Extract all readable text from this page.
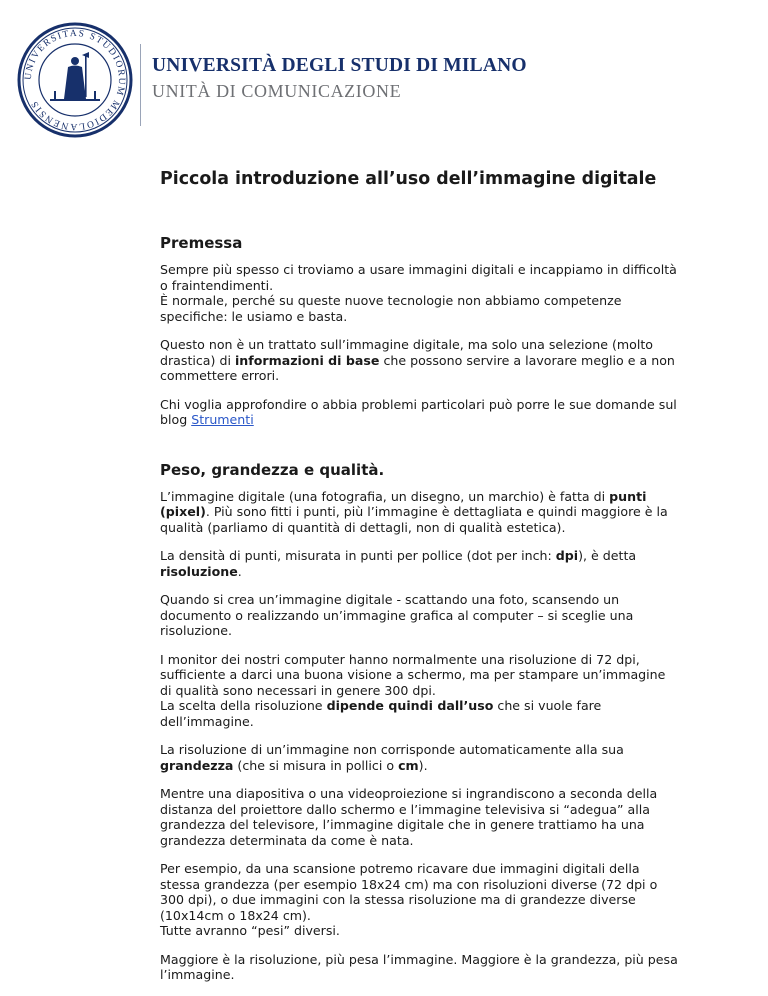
UNIVERSITAS STUDIORUM MEDIOLANENSIS
UNIVERSITÀ DEGLI STUDI DI MILANO
UNITÀ DI COMUNICAZIONE
Piccola introduzione all’uso dell’immagine digitale
Premessa

Sempre più spesso ci troviamo a usare immagini digitali e incappiamo in difficoltà o fraintendimenti.
È normale, perché su queste nuove tecnologie non abbiamo competenze specifiche: le usiamo e basta.

Questo non è un trattato sull’immagine digitale, ma solo una selezione (molto drastica) di informazioni di base che possono servire a lavorare meglio e a non commettere errori.

Chi voglia approfondire o abbia problemi particolari può porre le sue domande sul blog Strumenti

Peso, grandezza e qualità.

L’immagine digitale (una fotografia, un disegno, un marchio) è fatta di punti (pixel). Più sono fitti i punti, più l’immagine è dettagliata e quindi maggiore è la qualità (parliamo di quantità di dettagli, non di qualità estetica).

La densità di punti, misurata in punti per pollice (dot per inch: dpi), è detta risoluzione.

Quando si crea un’immagine digitale - scattando una foto, scansendo un documento o realizzando un’immagine grafica al computer – si sceglie una risoluzione.

I monitor dei nostri computer hanno normalmente una risoluzione di 72 dpi, sufficiente a darci una buona visione a schermo, ma per stampare un’immagine di qualità sono necessari in genere 300 dpi.
La scelta della risoluzione dipende quindi dall’uso che si vuole fare dell’immagine.

La risoluzione di un’immagine non corrisponde automaticamente alla sua grandezza (che si misura in pollici o cm).

Mentre una diapositiva o una videoproiezione si ingrandiscono a seconda della distanza del proiettore dallo schermo e l’immagine televisiva si “adegua” alla grandezza del televisore, l’immagine digitale che in genere trattiamo ha una grandezza determinata da come è nata.

Per esempio, da una scansione potremo ricavare due immagini digitali della stessa grandezza (per esempio 18x24 cm) ma con risoluzioni diverse (72 dpi o 300 dpi), o due immagini con la stessa risoluzione ma di grandezze diverse (10x14cm o 18x24 cm).
Tutte avranno “pesi” diversi.

Maggiore è la risoluzione, più pesa l’immagine. Maggiore è la grandezza, più pesa l’immagine.
